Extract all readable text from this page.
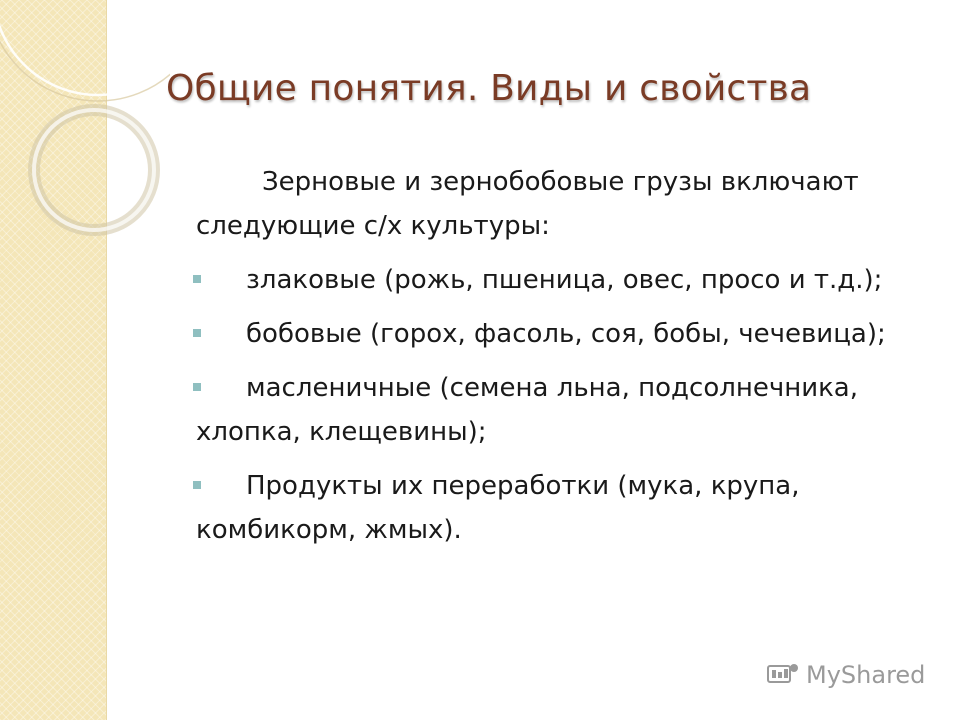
Общие понятия. Виды и свойства

Зерновые и зернобобовые грузы включают следующие с/х культуры:

злаковые (рожь, пшеница, овес, просо и т.д.);
бобовые (горох, фасоль, соя, бобы, чечевица);
масленичные (семена льна, подсолнечника, хлопка, клещевины);
Продукты их переработки (мука, крупа, комбикорм, жмых).
MyShared
